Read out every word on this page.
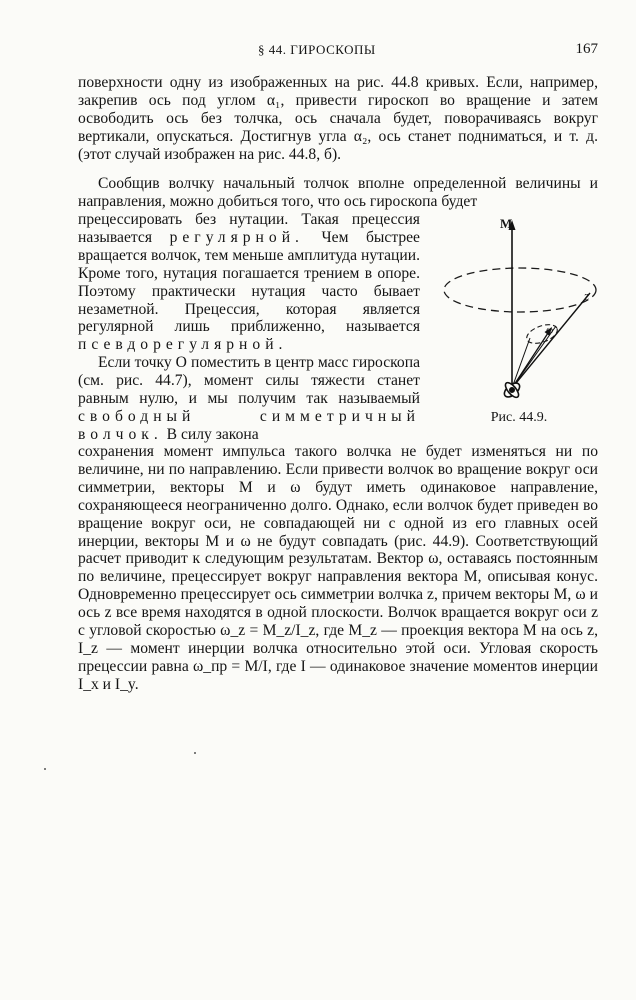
§ 44. ГИРОСКОПЫ	167

поверхности одну из изображенных на рис. 44.8 кривых. Если, например, закрепив ось под углом α₁, привести гироскоп во вращение и затем освободить ось без толчка, ось сначала будет, поворачиваясь вокруг вертикали, опускаться. Достигнув угла α₂, ось станет подниматься, и т. д. (этот случай изображен на рис. 44.8, б).

Сообщив волчку начальный толчок вполне определенной величины и направления, можно добиться того, что ось гироскопа будет

прецессировать без нутации. Такая прецессия называется регулярной. Чем быстрее вращается волчок, тем меньше амплитуда нутации. Кроме того, нутация погашается трением в опоре. Поэтому практически нутация часто бывает незаметной. Прецессия, которая является регулярной лишь приближенно, называется псевдорегулярной.

Если точку O поместить в центр масс гироскопа (см. рис. 44.7), момент силы тяжести станет равным нулю, и мы получим так называемый свободный симметричный волчок. В силу закона

сохранения момент импульса такого волчка не будет изменяться ни по величине, ни по направлению. Если привести волчок во вращение вокруг оси симметрии, векторы M и ω будут иметь одинаковое направление, сохраняющееся неограниченно долго. Однако, если волчок будет приведен во вращение вокруг оси, не совпадающей ни с одной из его главных осей инерции, векторы M и ω не будут совпадать (рис. 44.9). Соответствующий расчет приводит к следующим результатам. Вектор ω, оставаясь постоянным по величине, прецессирует вокруг направления вектора M, описывая конус. Одновременно прецессирует ось симметрии волчка z, причем векторы M, ω и ось z все время находятся в одной плоскости. Волчок вращается вокруг оси z с угловой скоростью ω_z = M_z/I_z, где M_z — проекция вектора M на ось z, I_z — момент инерции волчка относительно этой оси. Угловая скорость прецессии равна ω_пр = M/I, где I — одинаковое значение моментов инерции I_x и I_y.

M
z
ω
Рис. 44.9.
